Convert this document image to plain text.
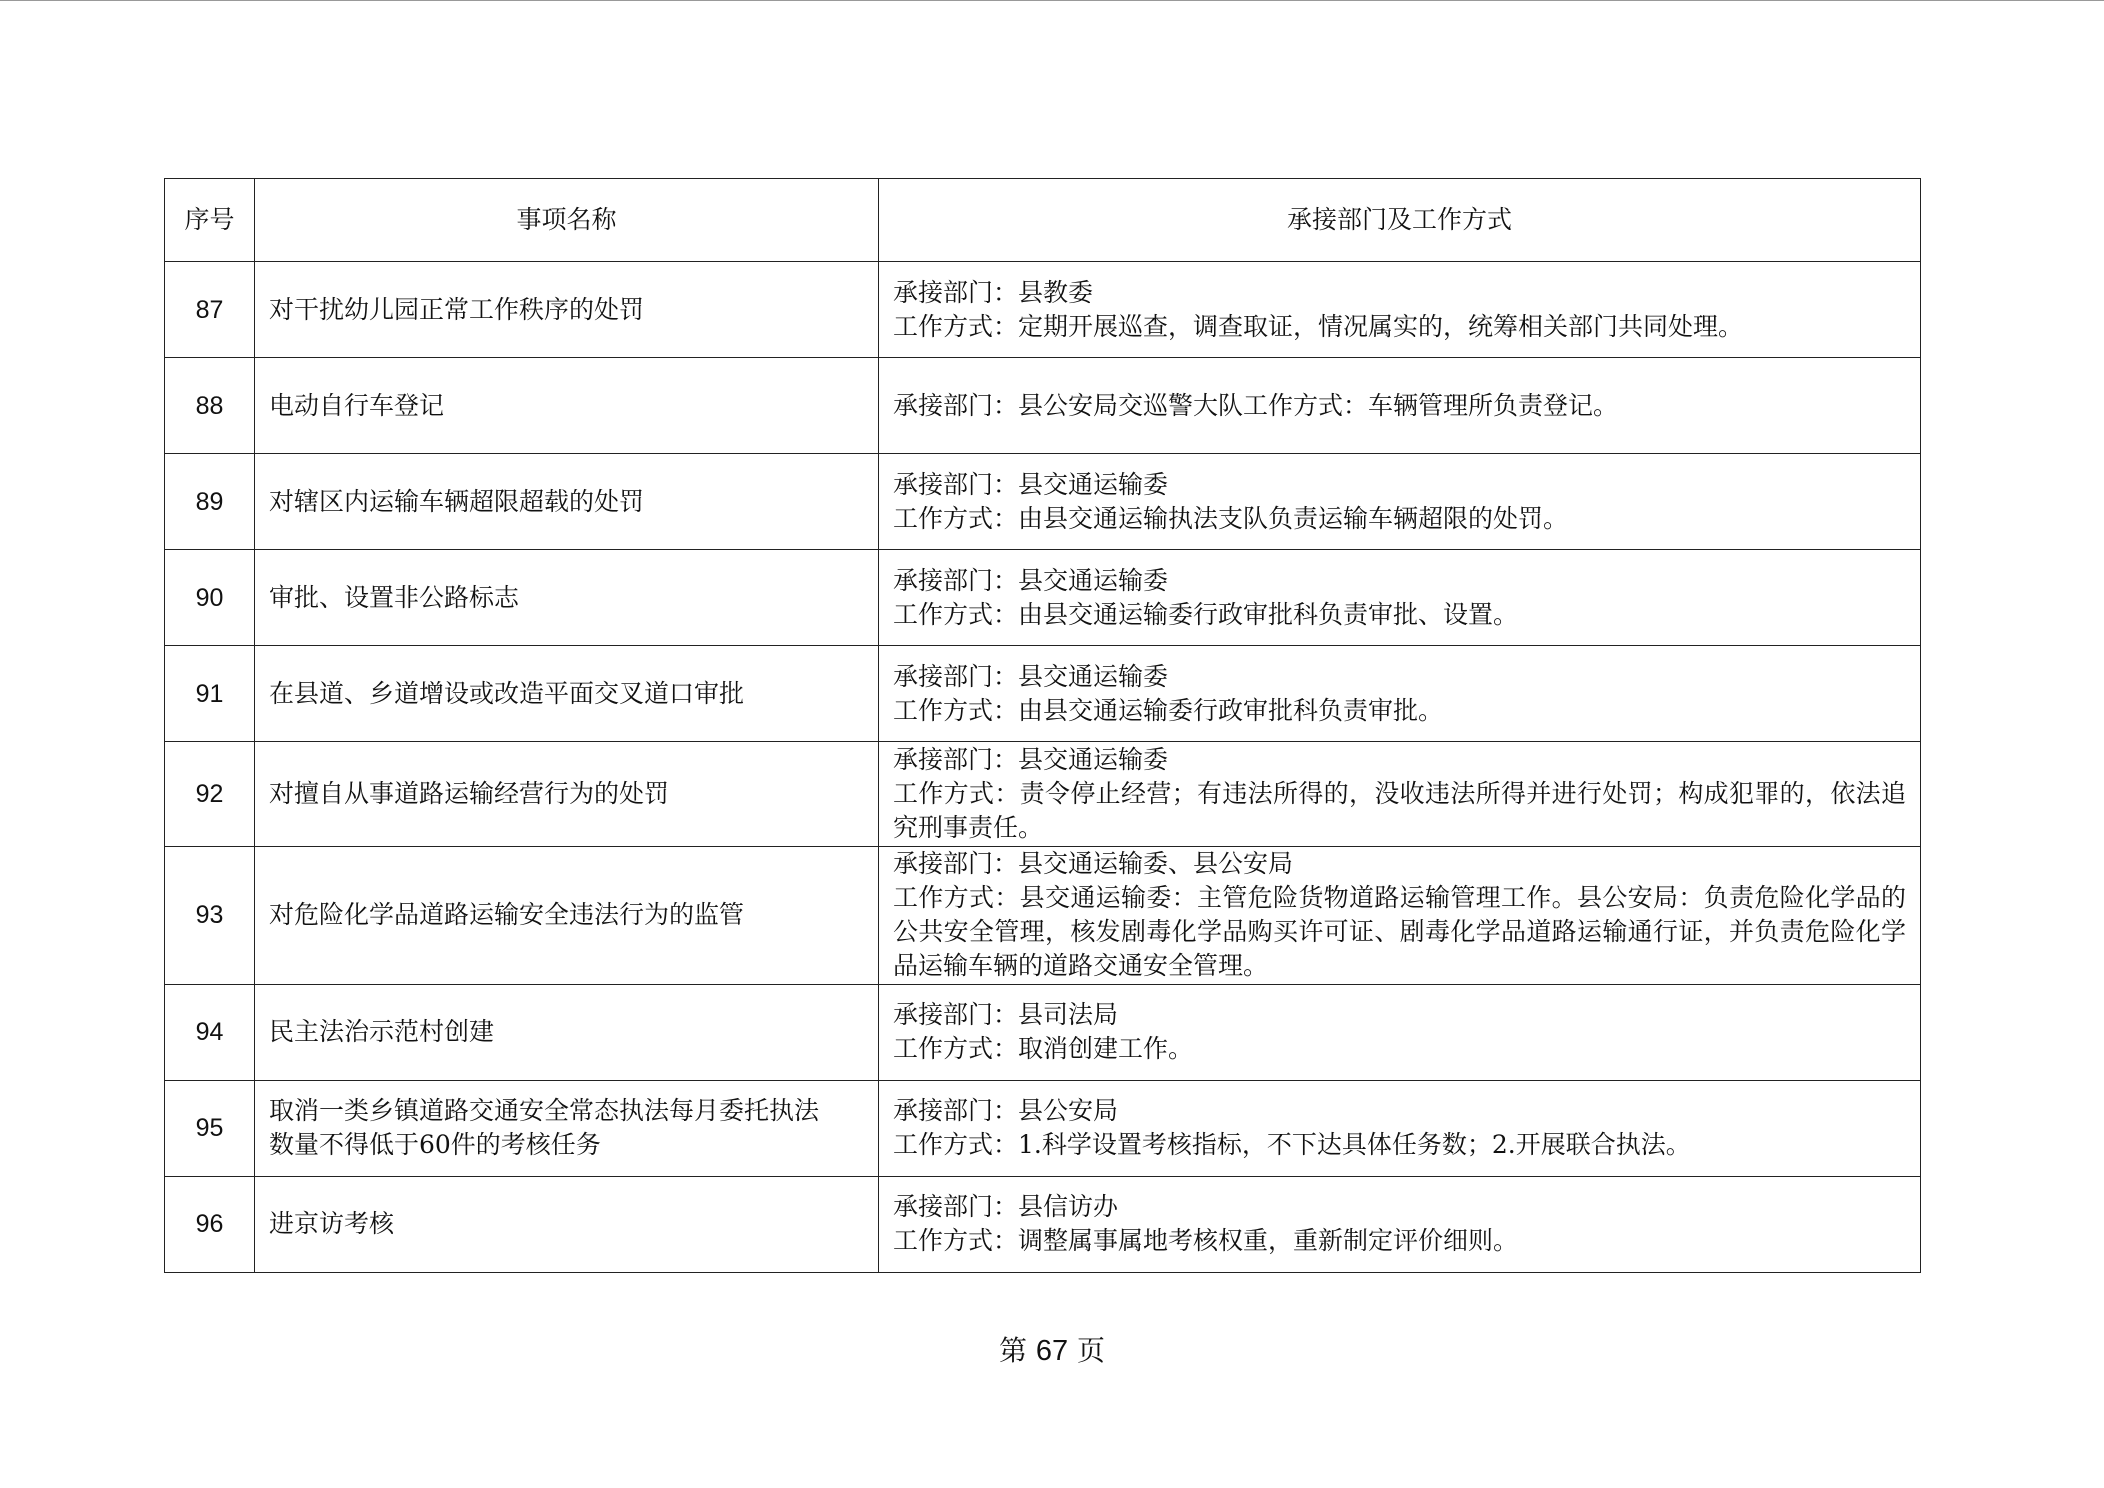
序号	事项名称	承接部门及工作方式
87	对干扰幼儿园正常工作秩序的处罚	承接部门：县教委
工作方式：定期开展巡查，调查取证，情况属实的，统筹相关部门共同处理。

88	电动自行车登记	承接部门：县公安局交巡警大队工作方式：车辆管理所负责登记。

89	对辖区内运输车辆超限超载的处罚	承接部门：县交通运输委
工作方式：由县交通运输执法支队负责运输车辆超限的处罚。

90	审批、设置非公路标志	承接部门：县交通运输委
工作方式：由县交通运输委行政审批科负责审批、设置。

91	在县道、乡道增设或改造平面交叉道口审批	承接部门：县交通运输委
工作方式：由县交通运输委行政审批科负责审批。

92	对擅自从事道路运输经营行为的处罚	承接部门：县交通运输委
工作方式：责令停止经营；有违法所得的，没收违法所得并进行处罚；构成犯罪的，依法追究刑事责任。

93	对危险化学品道路运输安全违法行为的监管	承接部门：县交通运输委、县公安局
工作方式：县交通运输委：主管危险货物道路运输管理工作。县公安局：负责危险化学品的公共安全管理，核发剧毒化学品购买许可证、剧毒化学品道路运输通行证，并负责危险化学品运输车辆的道路交通安全管理。

94	民主法治示范村创建	承接部门：县司法局
工作方式：取消创建工作。

95	取消一类乡镇道路交通安全常态执法每月委托执法
数量不得低于60件的考核任务	承接部门：县公安局
工作方式：1.科学设置考核指标，不下达具体任务数；2.开展联合执法。

96	进京访考核	承接部门：县信访办
工作方式：调整属事属地考核权重，重新制定评价细则。
第 67 页
